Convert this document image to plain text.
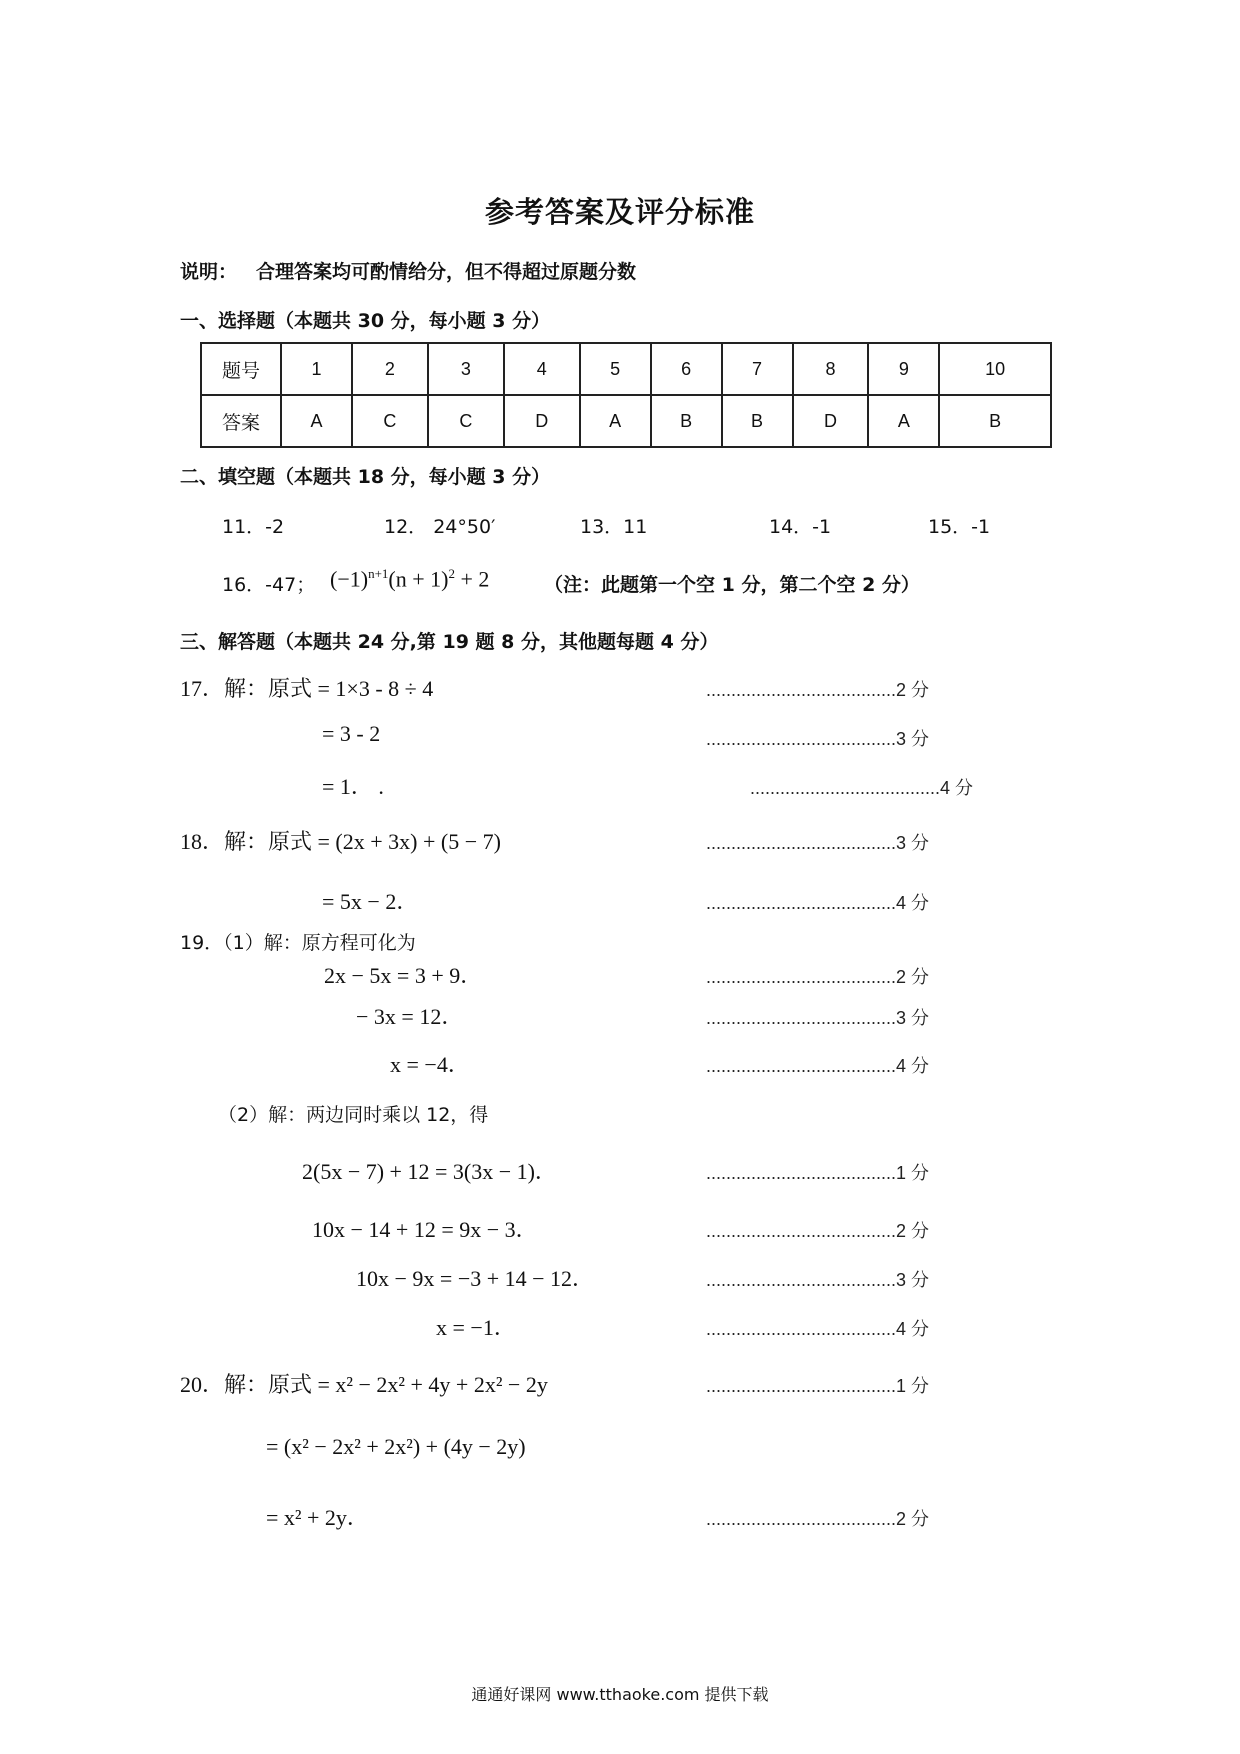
参考答案及评分标准
说明： 合理答案均可酌情给分，但不得超过原题分数
一、选择题（本题共 30 分，每小题 3 分）
题号	1	2	3	4	5	6	7	8	9	10
答案	A	C	C	D	A	B	B	D	A	B
二、填空题（本题共 18 分，每小题 3 分）
11．-2	12． 24°50′	13．11	14．-1	15．-1
16．-47； $(-1)^{n+1}(n + 1)^2 + 2$	（注：此题第一个空 1 分，第二个空 2 分）
三、解答题（本题共 24 分,第 19 题 8 分，其他题每题 4 分）
17．解：原式 = 1×3 - 8 ÷ 4	......................................2 分
= 3 - 2	......................................3 分
= 1． .	......................................4 分
18．解：原式 = (2x + 3x) + (5 − 7)	......................................3 分
= 5x − 2．	......................................4 分
19．（1）解：原方程可化为
2x − 5x = 3 + 9．	......................................2 分
− 3x = 12．	......................................3 分
x = −4．	......................................4 分
（2）解：两边同时乘以 12，得
2(5x − 7) + 12 = 3(3x − 1)．	......................................1 分
10x − 14 + 12 = 9x − 3．	......................................2 分
10x − 9x = −3 + 14 − 12．	......................................3 分
x = −1．	......................................4 分
20．解：原式 = x² − 2x² + 4y + 2x² − 2y	......................................1 分
= (x² − 2x² + 2x²) + (4y − 2y)
= x² + 2y．	......................................2 分
通通好课网 www.tthaoke.com 提供下载
